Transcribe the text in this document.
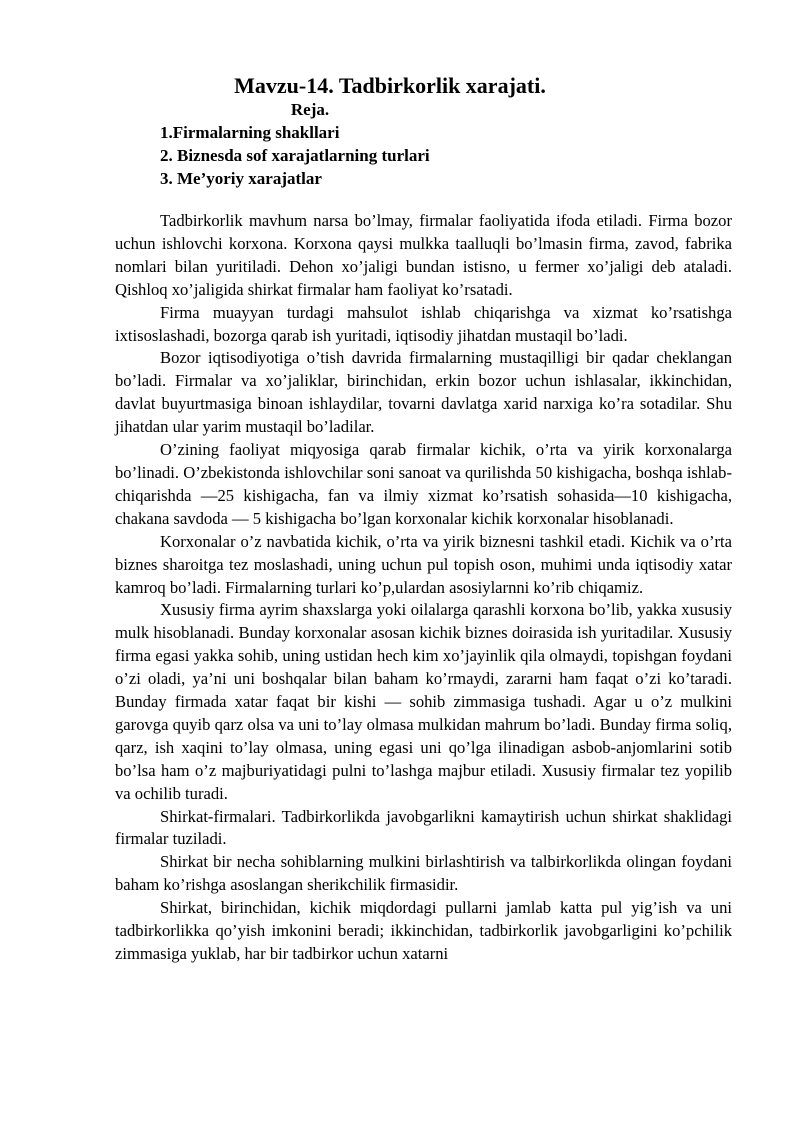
Mavzu-14. Tadbirkorlik xarajati.
Reja.
1.Firmalarning shakllari
2. Biznesda sof xarajatlarning turlari
3. Me’yoriy xarajatlar

Tadbirkorlik mavhum narsa bo’lmay, firmalar faoliyatida ifoda etiladi. Firma bozor uchun ishlovchi korxona. Korxona qaysi mulkka taalluqli bo’lmasin firma, zavod, fabrika nomlari bilan yuritiladi. Dehon xo’jaligi bundan istisno, u fermer xo’jaligi deb ataladi. Qishloq xo’jaligida shirkat firmalar ham faoliyat ko’rsatadi.

Firma muayyan turdagi mahsulot ishlab chiqarishga va xizmat ko’rsatishga ixtisoslashadi, bozorga qarab ish yuritadi, iqtisodiy jihatdan mustaqil bo’ladi.

Bozor iqtisodiyotiga o’tish davrida firmalarning mustaqilligi bir qadar cheklangan bo’ladi. Firmalar va xo’jaliklar, birinchidan, erkin bozor uchun ishlasalar, ikkinchidan, davlat buyurtmasiga binoan ishlaydilar, tovarni davlatga xarid narxiga ko’ra sotadilar. Shu jihatdan ular yarim mustaqil bo’ladilar.

O’zining faoliyat miqyosiga qarab firmalar kichik, o’rta va yirik korxonalarga bo’linadi. O’zbekistonda ishlovchilar soni sanoat va qurilishda 50 kishigacha, boshqa ishlab-chiqarishda —25 kishigacha, fan va ilmiy xizmat ko’rsatish sohasida—10 kishigacha, chakana savdoda — 5 kishigacha bo’lgan korxonalar kichik korxonalar hisoblanadi.

Korxonalar o’z navbatida kichik, o’rta va yirik biznesni tashkil etadi. Kichik va o’rta biznes sharoitga tez moslashadi, uning uchun pul topish oson, muhimi unda iqtisodiy xatar kamroq bo’ladi. Firmalarning turlari ko’p,ulardan asosiylarnni ko’rib chiqamiz.

Xususiy firma ayrim shaxslarga yoki oilalarga qarashli korxona bo’lib, yakka xususiy mulk hisoblanadi. Bunday korxonalar asosan kichik biznes doirasida ish yuritadilar. Xususiy firma egasi yakka sohib, uning ustidan hech kim xo’jayinlik qila olmaydi, topishgan foydani o’zi oladi, ya’ni uni boshqalar bilan baham ko’rmaydi, zararni ham faqat o’zi ko’taradi. Bunday firmada xatar faqat bir kishi — sohib zimmasiga tushadi. Agar u o’z mulkini garovga quyib qarz olsa va uni to’lay olmasa mulkidan mahrum bo’ladi. Bunday firma soliq, qarz, ish xaqini to’lay olmasa, uning egasi uni qo’lga ilinadigan asbob-anjomlarini sotib bo’lsa ham o’z majburiyatidagi pulni to’lashga majbur etiladi. Xususiy firmalar tez yopilib va ochilib turadi.

Shirkat-firmalari. Tadbirkorlikda javobgarlikni kamaytirish uchun shirkat shaklidagi firmalar tuziladi.

Shirkat bir necha sohiblarning mulkini birlashtirish va talbirkorlikda olingan foydani baham ko’rishga asoslangan sherikchilik firmasidir.

Shirkat, birinchidan, kichik miqdordagi pullarni jamlab katta pul yig’ish va uni tadbirkorlikka qo’yish imkonini beradi; ikkinchidan, tadbirkorlik javobgarligini ko’pchilik zimmasiga yuklab, har bir tadbirkor uchun xatarni
